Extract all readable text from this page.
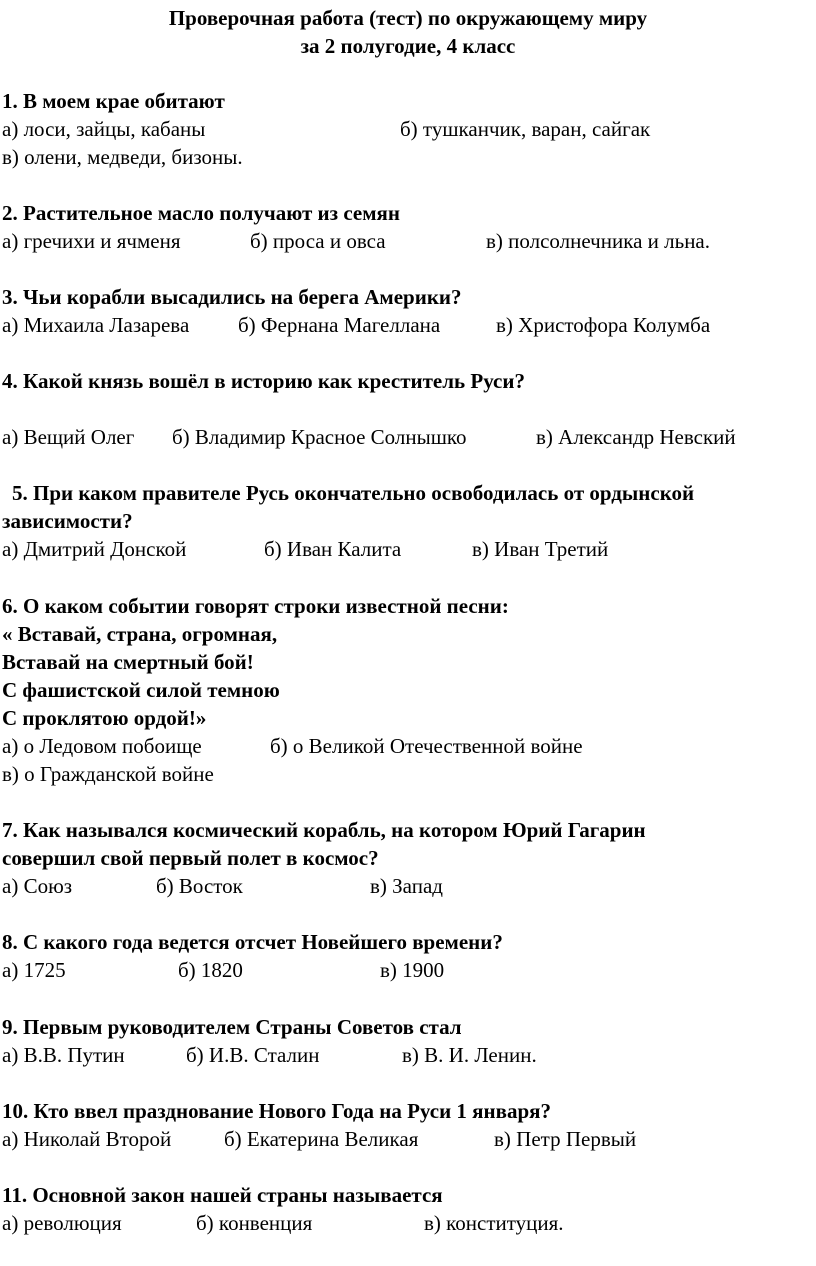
Проверочная работа (тест) по окружающему миру
за 2 полугодие, 4 класс
1. В моем крае обитают
а) лоси, зайцы, кабаны	б) тушканчик, варан, сайгак
в) олени, медведи, бизоны.
2. Растительное масло получают из семян
а) гречихи и ячменя	б) проса и овса	в) полсолнечника и льна.
3. Чьи корабли высадились на берега Америки?
а) Михаила Лазарева б) Фернана Магеллана	в) Христофора Колумба
4. Какой князь вошёл в историю как креститель Руси?
а) Вещий Олег б) Владимир Красное Солнышко	в) Александр Невский
5. При каком правителе Русь окончательно освободилась от ордынской
зависимости?
а) Дмитрий Донской	б) Иван Калита	в) Иван Третий
6. О каком событии говорят строки известной песни:
« Вставай, страна, огромная,
Вставай на смертный бой!
С фашистской силой темною
С проклятою ордой!»
а) о Ледовом побоище	б) о Великой Отечественной войне
в) о Гражданской войне
7. Как назывался космический корабль, на котором Юрий Гагарин
совершил свой первый полет в космос?
а) Союз	б) Восток	в) Запад
8. С какого года ведется отсчет Новейшего времени?
а) 1725	б) 1820	в) 1900
9. Первым руководителем Страны Советов стал
а) В.В. Путин	б) И.В. Сталин	в) В. И. Ленин.
10. Кто ввел празднование Нового Года на Руси 1 января?
а) Николай Второй	б) Екатерина Великая	в) Петр Первый
11. Основной закон нашей страны называется
а) революция	б) конвенция	в) конституция.
